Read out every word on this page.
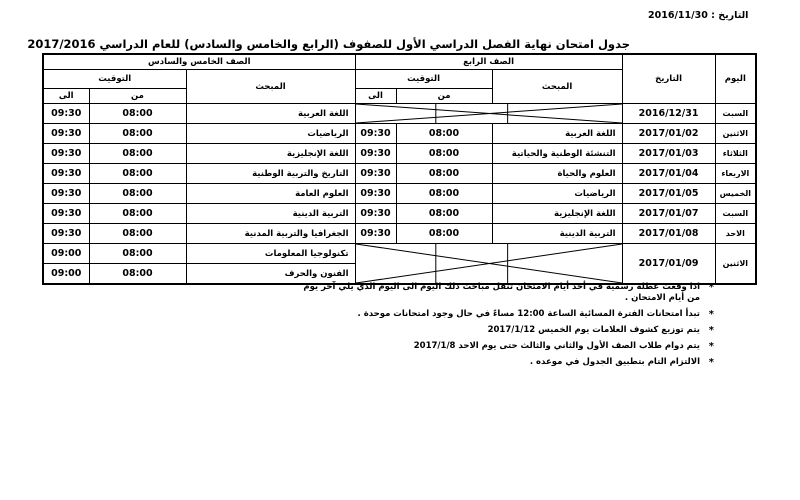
التاريخ : 2016/11/30
جدول امتحان نهاية الفصل الدراسي الأول للصفوف (الرابع والخامس والسادس) للعام الدراسي 2017/2016
الصف الخامس والسادس			الصف الرابع			التاريخ	اليوم
التوقيت		المبحث	التوقيت		المبحث		
الى	من		الى	من			
09:30	08:00	اللغة العربية				2016/12/31	السبت
09:30	08:00	الرياضيات	09:30	08:00	اللغة العربية	2017/01/02	الاثنين
09:30	08:00	اللغة الإنجليزية	09:30	08:00	التنشئة الوطنية والحياتية	2017/01/03	الثلاثاء
09:30	08:00	التاريخ والتربية الوطنية	09:30	08:00	العلوم والحياة	2017/01/04	الاربعاء
09:30	08:00	العلوم العامة	09:30	08:00	الرياضيات	2017/01/05	الخميس
09:30	08:00	التربية الدينية	09:30	08:00	اللغة الإنجليزية	2017/01/07	السبت
09:30	08:00	الجغرافيا والتربية المدنية	09:30	08:00	التربية الدينية	2017/01/08	الاحد
09:00	08:00	تكنولوجيا المعلومات				2017/01/09	الاثنين
09:00	08:00	الفنون والحرف					
*
اذا وقعت عطلة رسمية في أحد أيام الامتحان تنقل مباحث ذلك اليوم الى اليوم الذي يلي آخر يوم من أيام الامتحان .
*
تبدأ امتحانات الفترة المسائية الساعة 12:00 مساءً في حال وجود امتحانات موحدة .
*
يتم توزيع كشوف العلامات يوم الخميس 2017/1/12
*
يتم دوام طلاب الصف الأول والثاني والثالث حتى يوم الاحد 2017/1/8
*
الالتزام التام بتطبيق الجدول في موعده .
